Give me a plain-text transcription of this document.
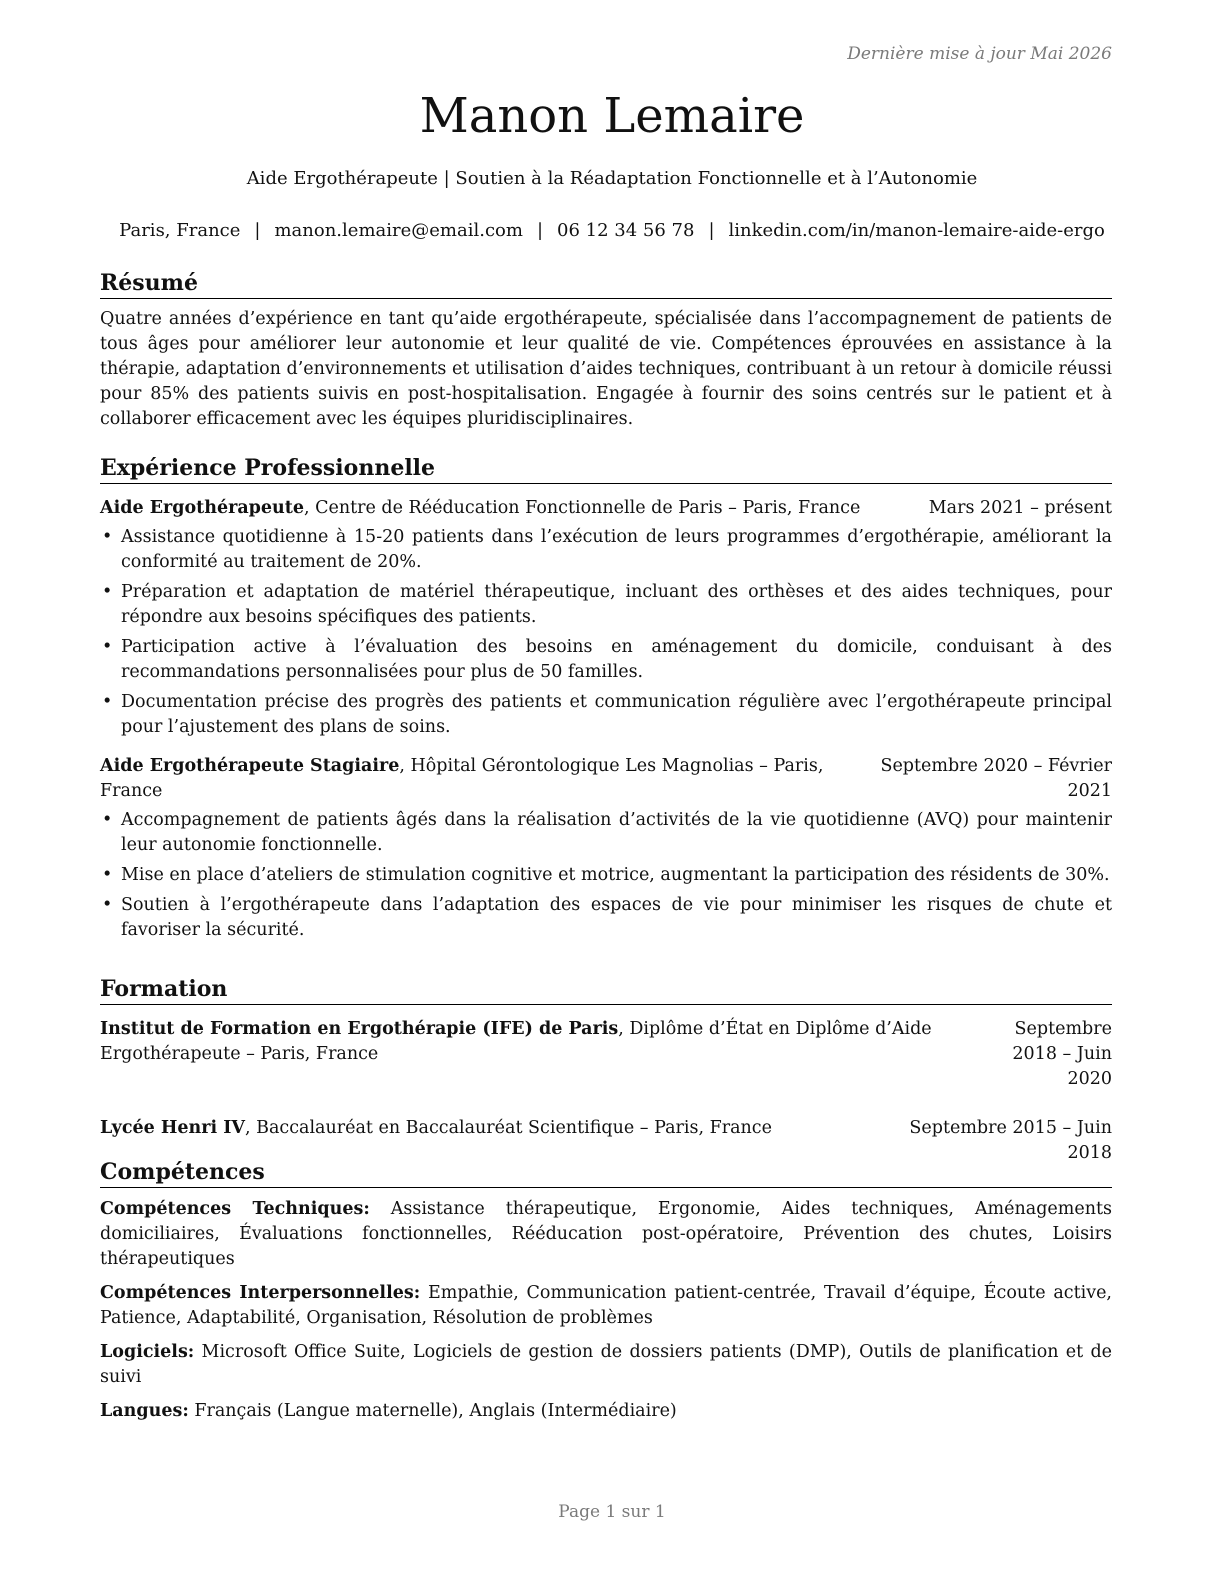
Dernière mise à jour Mai 2026
Manon Lemaire
Aide Ergothérapeute | Soutien à la Réadaptation Fonctionnelle et à l’Autonomie
Paris, France | manon.lemaire@email.com | 06 12 34 56 78 | linkedin.com/in/manon-lemaire-aide-ergo
Résumé

Quatre années d’expérience en tant qu’aide ergothérapeute, spécialisée dans l’accompagnement de patients de tous âges pour améliorer leur autonomie et leur qualité de vie. Compétences éprouvées en assistance à la thérapie, adaptation d’environnements et utilisation d’aides techniques, contribuant à un retour à domicile réussi pour 85% des patients suivis en post-hospitalisation. Engagée à fournir des soins centrés sur le patient et à collaborer efficacement avec les équipes pluridisciplinaires.

Expérience Professionnelle
Aide Ergothérapeute, Centre de Rééducation Fonctionnelle de Paris – Paris, France	Mars 2021 – présent
• Assistance quotidienne à 15-20 patients dans l’exécution de leurs programmes d’ergothérapie, améliorant la conformité au traitement de 20%.
• Préparation et adaptation de matériel thérapeutique, incluant des orthèses et des aides techniques, pour répondre aux besoins spécifiques des patients.
• Participation active à l’évaluation des besoins en aménagement du domicile, conduisant à des recommandations personnalisées pour plus de 50 familles.
• Documentation précise des progrès des patients et communication régulière avec l’ergothérapeute principal pour l’ajustement des plans de soins.
Aide Ergothérapeute Stagiaire, Hôpital Gérontologique Les Magnolias – Paris, France
Septembre 2020 – Février 2021
• Accompagnement de patients âgés dans la réalisation d’activités de la vie quotidienne (AVQ) pour maintenir leur autonomie fonctionnelle.
• Mise en place d’ateliers de stimulation cognitive et motrice, augmentant la participation des résidents de 30%.
• Soutien à l’ergothérapeute dans l’adaptation des espaces de vie pour minimiser les risques de chute et favoriser la sécurité.
Formation
Institut de Formation en Ergothérapie (IFE) de Paris, Diplôme d’État en Diplôme d’Aide Ergothérapeute – Paris, France
Septembre 2018 – Juin 2020
Lycée Henri IV, Baccalauréat en Baccalauréat Scientifique – Paris, France	Septembre 2015 – Juin 2018
Compétences
Compétences Techniques: Assistance thérapeutique, Ergonomie, Aides techniques, Aménagements domiciliaires, Évaluations fonctionnelles, Rééducation post-opératoire, Prévention des chutes, Loisirs thérapeutiques
Compétences Interpersonnelles: Empathie, Communication patient-centrée, Travail d’équipe, Écoute active, Patience, Adaptabilité, Organisation, Résolution de problèmes
Logiciels: Microsoft Office Suite, Logiciels de gestion de dossiers patients (DMP), Outils de planification et de suivi
Langues: Français (Langue maternelle), Anglais (Intermédiaire)
Page 1 sur 1
